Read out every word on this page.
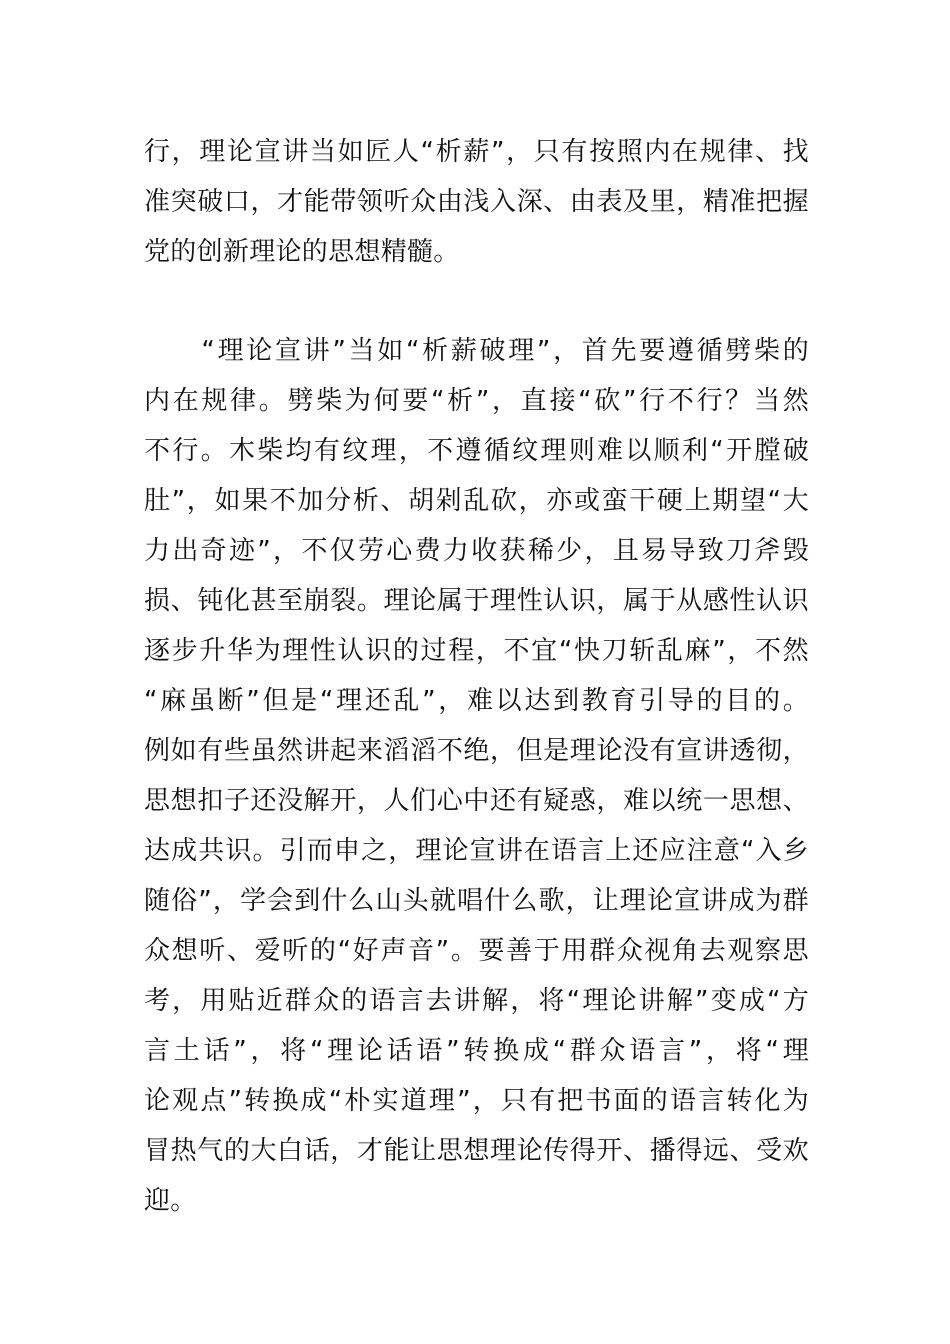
行，理论宣讲当如匠人“析薪”，只有按照内在规律、找
准突破口，才能带领听众由浅入深、由表及里，精准把握
党的创新理论的思想精髓。
　　“理论宣讲”当如“析薪破理”，首先要遵循劈柴的
内在规律。劈柴为何要“析”，直接“砍”行不行？当然
不行。木柴均有纹理，不遵循纹理则难以顺利“开膛破
肚”，如果不加分析、胡剁乱砍，亦或蛮干硬上期望“大
力出奇迹”，不仅劳心费力收获稀少，且易导致刀斧毁
损、钝化甚至崩裂。理论属于理性认识，属于从感性认识
逐步升华为理性认识的过程，不宜“快刀斩乱麻”，不然
“麻虽断”但是“理还乱”，难以达到教育引导的目的。
例如有些虽然讲起来滔滔不绝，但是理论没有宣讲透彻，
思想扣子还没解开，人们心中还有疑惑，难以统一思想、
达成共识。引而申之，理论宣讲在语言上还应注意“入乡
随俗”，学会到什么山头就唱什么歌，让理论宣讲成为群
众想听、爱听的“好声音”。要善于用群众视角去观察思
考，用贴近群众的语言去讲解，将“理论讲解”变成“方
言土话”，将“理论话语”转换成“群众语言”，将“理
论观点”转换成“朴实道理”，只有把书面的语言转化为
冒热气的大白话，才能让思想理论传得开、播得远、受欢
迎。
